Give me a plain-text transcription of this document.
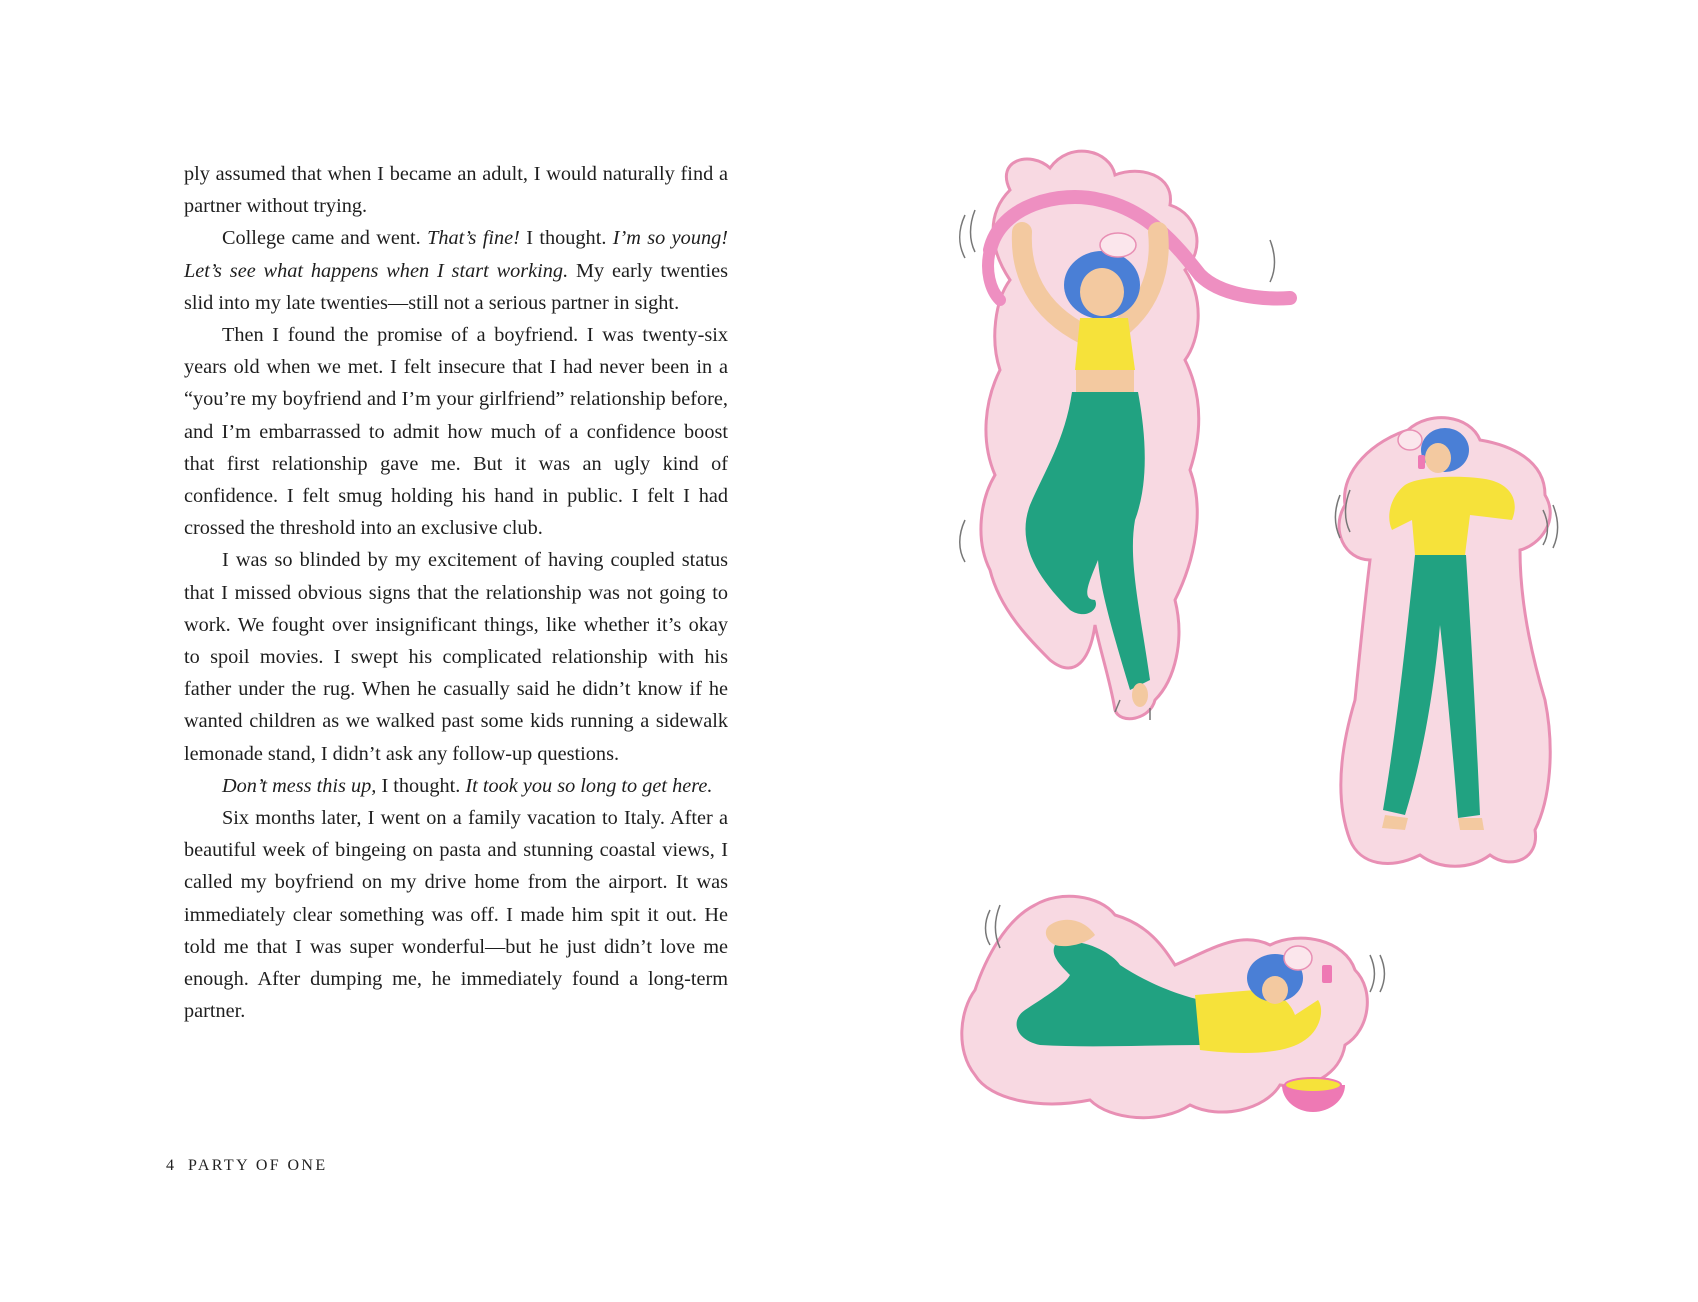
ply assumed that when I became an adult, I would naturally find a partner without trying.

College came and went. That’s fine! I thought. I’m so young! Let’s see what happens when I start working. My early twenties slid into my late twenties—still not a serious partner in sight.

Then I found the promise of a boyfriend. I was twenty-six years old when we met. I felt insecure that I had never been in a “you’re my boyfriend and I’m your girlfriend” relationship before, and I’m embarrassed to admit how much of a confidence boost that first relationship gave me. But it was an ugly kind of confidence. I felt smug holding his hand in public. I felt I had crossed the threshold into an exclusive club.

I was so blinded by my excitement of having coupled status that I missed obvious signs that the relationship was not going to work. We fought over insignificant things, like whether it’s okay to spoil movies. I swept his complicated relationship with his father under the rug. When he casually said he didn’t know if he wanted children as we walked past some kids running a sidewalk lemonade stand, I didn’t ask any follow-up questions.

Don’t mess this up, I thought. It took you so long to get here.

Six months later, I went on a family vacation to Italy. After a beautiful week of bingeing on pasta and stunning coastal views, I called my boyfriend on my drive home from the airport. It was immediately clear something was off. I made him spit it out. He told me that I was super wonderful—but he just didn’t love me enough. After dumping me, he immediately found a long-term partner.

4 PARTY OF ONE
